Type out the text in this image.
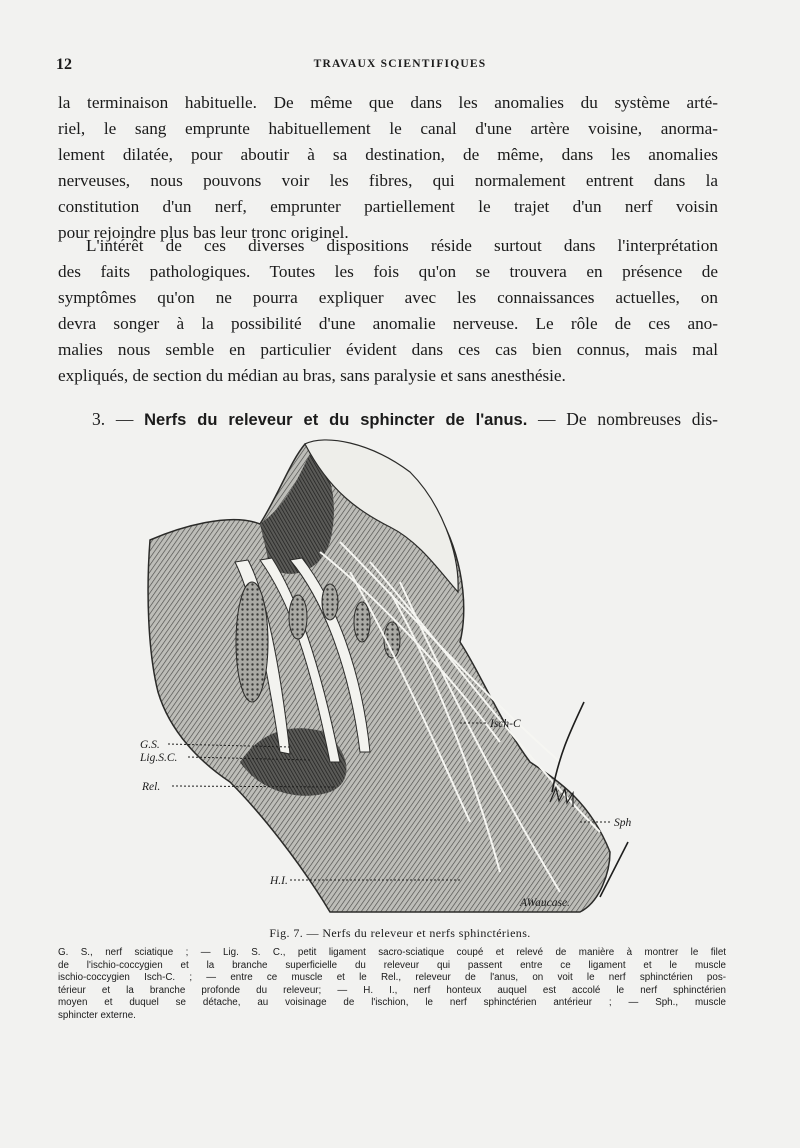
12	TRAVAUX SCIENTIFIQUES
la terminaison habituelle. De même que dans les anomalies du système arté-
riel, le sang emprunte habituellement le canal d'une artère voisine, anorma-
lement dilatée, pour aboutir à sa destination, de même, dans les anomalies
nerveuses, nous pouvons voir les fibres, qui normalement entrent dans la
constitution d'un nerf, emprunter partiellement le trajet d'un nerf voisin
pour rejoindre plus bas leur tronc originel.
L'intérêt de ces diverses dispositions réside surtout dans l'interprétation
des faits pathologiques. Toutes les fois qu'on se trouvera en présence de
symptômes qu'on ne pourra expliquer avec les connaissances actuelles, on
devra songer à la possibilité d'une anomalie nerveuse. Le rôle de ces ano-
malies nous semble en particulier évident dans ces cas bien connus, mais mal
expliqués, de section du médian au bras, sans paralysie et sans anesthésie.
3. — Nerfs du releveur et du sphincter de l'anus. — De nombreuses dis-
G.S.
Lig.S.C.
Rel.
H.I.
Isch-C
Sph
AWaucase.
Fig. 7. — Nerfs du releveur et nerfs sphinctériens.
G. S., nerf sciatique ; — Lig. S. C., petit ligament sacro-sciatique coupé et relevé de manière à montrer le filet
de l'ischio-coccygien et la branche superficielle du releveur qui passent entre ce ligament et le muscle
ischio-coccygien Isch-C. ; — entre ce muscle et le Rel., releveur de l'anus, on voit le nerf sphinctérien pos-
térieur et la branche profonde du releveur; — H. I., nerf honteux auquel est accolé le nerf sphinctérien
moyen et duquel se détache, au voisinage de l'ischion, le nerf sphinctérien antérieur ; — Sph., muscle
sphincter externe.
